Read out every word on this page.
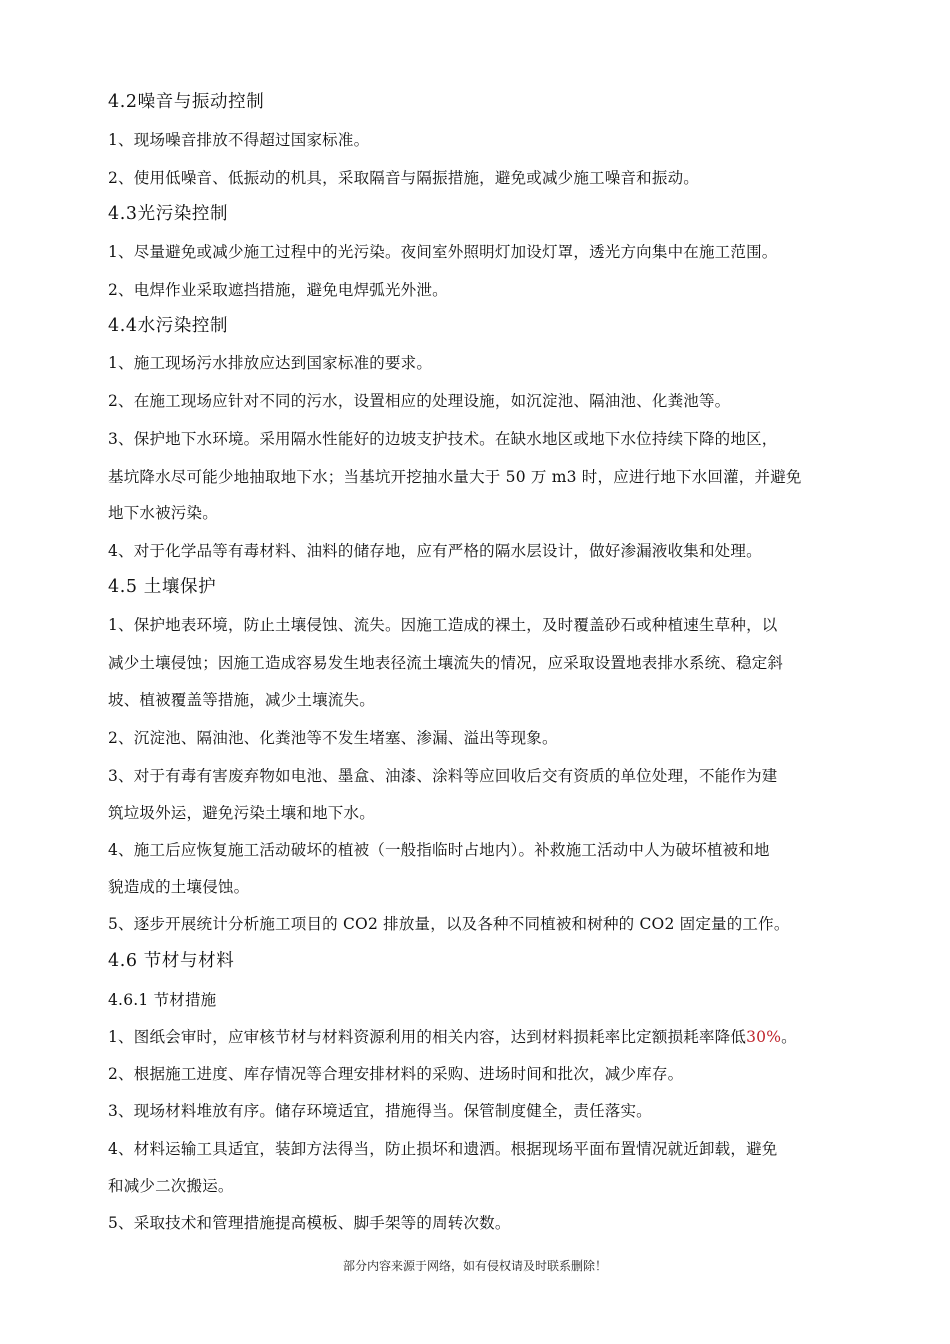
4.2噪音与振动控制
1、现场噪音排放不得超过国家标准。
2、使用低噪音、低振动的机具，采取隔音与隔振措施，避免或减少施工噪音和振动。
4.3光污染控制
1、尽量避免或减少施工过程中的光污染。夜间室外照明灯加设灯罩，透光方向集中在施工范围。
2、电焊作业采取遮挡措施，避免电焊弧光外泄。
4.4水污染控制
1、施工现场污水排放应达到国家标准的要求。
2、在施工现场应针对不同的污水，设置相应的处理设施，如沉淀池、隔油池、化粪池等。
3、保护地下水环境。采用隔水性能好的边坡支护技术。在缺水地区或地下水位持续下降的地区，
基坑降水尽可能少地抽取地下水；当基坑开挖抽水量大于 50 万 m3 时，应进行地下水回灌，并避免
地下水被污染。
4、对于化学品等有毒材料、油料的储存地，应有严格的隔水层设计，做好渗漏液收集和处理。
4.5 土壤保护
1、保护地表环境，防止土壤侵蚀、流失。因施工造成的裸土，及时覆盖砂石或种植速生草种，以
减少土壤侵蚀；因施工造成容易发生地表径流土壤流失的情况，应采取设置地表排水系统、稳定斜
坡、植被覆盖等措施，减少土壤流失。
2、沉淀池、隔油池、化粪池等不发生堵塞、渗漏、溢出等现象。
3、对于有毒有害废弃物如电池、墨盒、油漆、涂料等应回收后交有资质的单位处理，不能作为建
筑垃圾外运，避免污染土壤和地下水。
4、施工后应恢复施工活动破坏的植被（一般指临时占地内）。补救施工活动中人为破坏植被和地
貌造成的土壤侵蚀。
5、逐步开展统计分析施工项目的 CO2 排放量，以及各种不同植被和树种的 CO2 固定量的工作。
4.6 节材与材料
4.6.1 节材措施
1、图纸会审时，应审核节材与材料资源利用的相关内容，达到材料损耗率比定额损耗率降低30%。
2、根据施工进度、库存情况等合理安排材料的采购、进场时间和批次，减少库存。
3、现场材料堆放有序。储存环境适宜，措施得当。保管制度健全，责任落实。
4、材料运输工具适宜，装卸方法得当，防止损坏和遗洒。根据现场平面布置情况就近卸载，避免
和减少二次搬运。
5、采取技术和管理措施提高模板、脚手架等的周转次数。
部分内容来源于网络，如有侵权请及时联系删除！
